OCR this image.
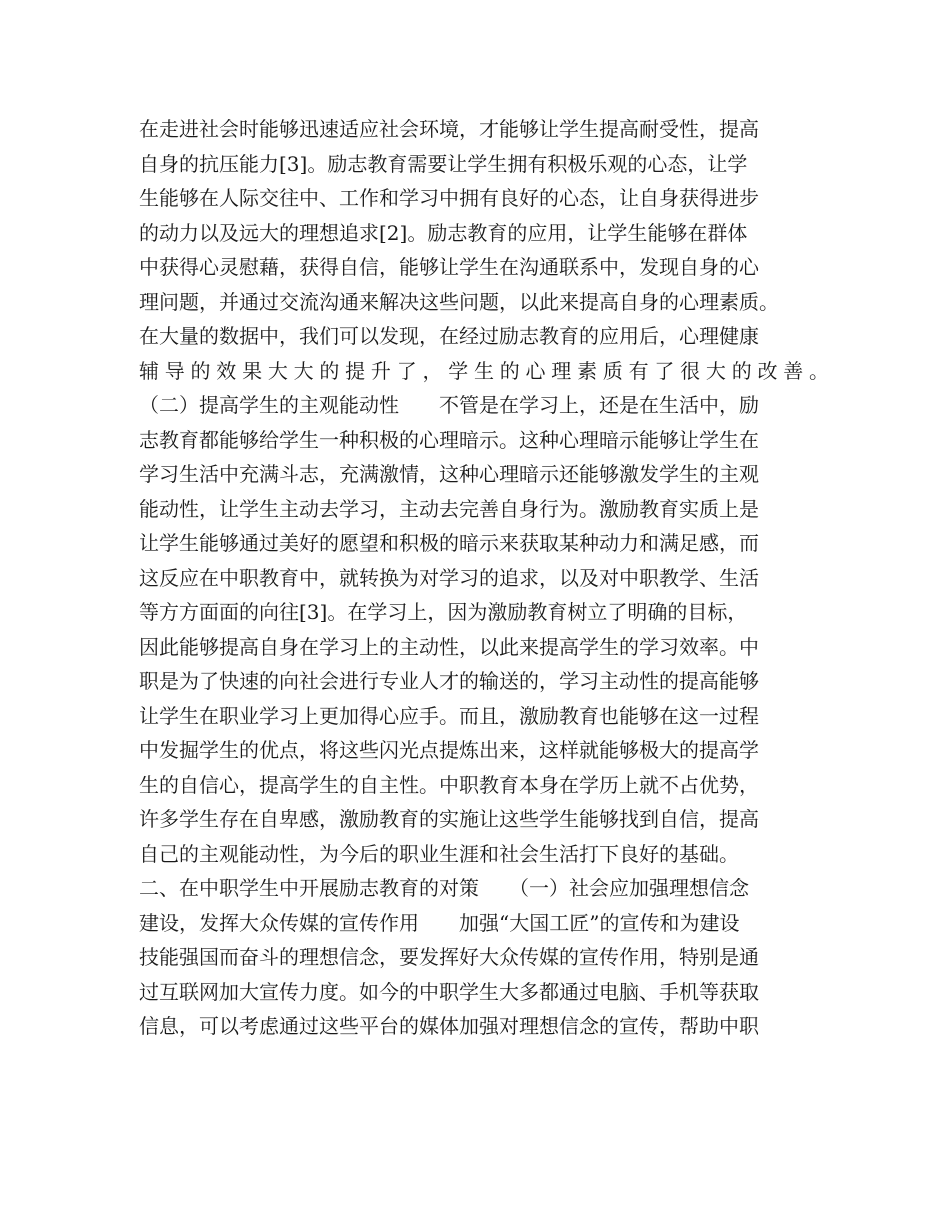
在走进社会时能够迅速适应社会环境，才能够让学生提高耐受性，提高
自身的抗压能力[3]。励志教育需要让学生拥有积极乐观的心态，让学
生能够在人际交往中、工作和学习中拥有良好的心态，让自身获得进步
的动力以及远大的理想追求[2]。励志教育的应用，让学生能够在群体
中获得心灵慰藉，获得自信，能够让学生在沟通联系中，发现自身的心
理问题，并通过交流沟通来解决这些问题，以此来提高自身的心理素质。
在大量的数据中，我们可以发现，在经过励志教育的应用后，心理健康
辅导的效果大大的提升了，学生的心理素质有了很大的改善。
（二）提高学生的主观能动性　　不管是在学习上，还是在生活中，励
志教育都能够给学生一种积极的心理暗示。这种心理暗示能够让学生在
学习生活中充满斗志，充满激情，这种心理暗示还能够激发学生的主观
能动性，让学生主动去学习，主动去完善自身行为。激励教育实质上是
让学生能够通过美好的愿望和积极的暗示来获取某种动力和满足感，而
这反应在中职教育中，就转换为对学习的追求，以及对中职教学、生活
等方方面面的向往[3]。在学习上，因为激励教育树立了明确的目标，
因此能够提高自身在学习上的主动性，以此来提高学生的学习效率。中
职是为了快速的向社会进行专业人才的输送的，学习主动性的提高能够
让学生在职业学习上更加得心应手。而且，激励教育也能够在这一过程
中发掘学生的优点，将这些闪光点提炼出来，这样就能够极大的提高学
生的自信心，提高学生的自主性。中职教育本身在学历上就不占优势，
许多学生存在自卑感，激励教育的实施让这些学生能够找到自信，提高
自己的主观能动性，为今后的职业生涯和社会生活打下良好的基础。
二、在中职学生中开展励志教育的对策　　（一）社会应加强理想信念
建设，发挥大众传媒的宣传作用　　加强“大国工匠”的宣传和为建设
技能强国而奋斗的理想信念，要发挥好大众传媒的宣传作用，特别是通
过互联网加大宣传力度。如今的中职学生大多都通过电脑、手机等获取
信息，可以考虑通过这些平台的媒体加强对理想信念的宣传，帮助中职
